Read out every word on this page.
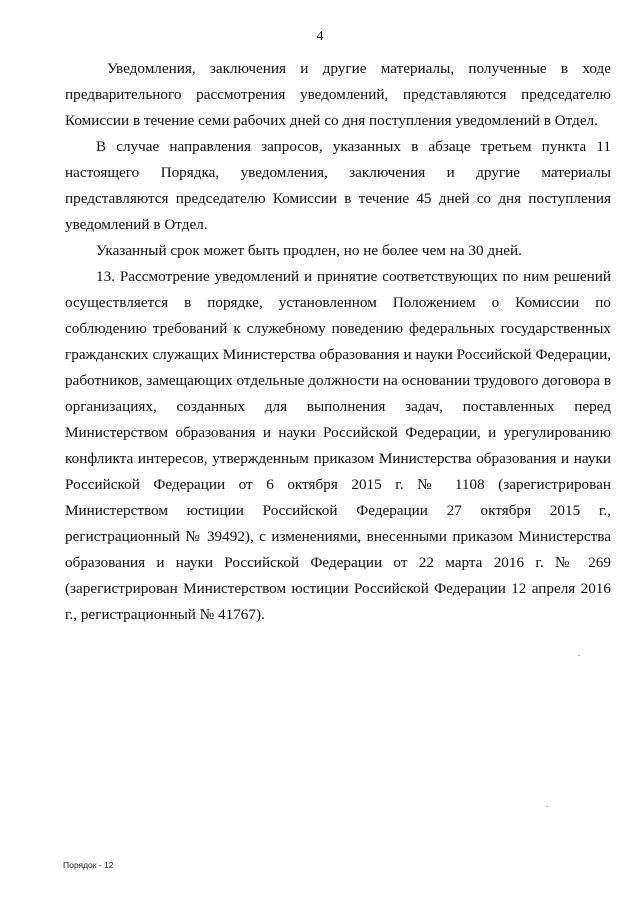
4

Уведомления, заключения и другие материалы, полученные в ходе предварительного рассмотрения уведомлений, представляются председателю Комиссии в течение семи рабочих дней со дня поступления уведомлений в Отдел.

В случае направления запросов, указанных в абзаце третьем пункта 11 настоящего Порядка, уведомления, заключения и другие материалы представляются председателю Комиссии в течение 45 дней со дня поступления уведомлений в Отдел.

Указанный срок может быть продлен, но не более чем на 30 дней.

13. Рассмотрение уведомлений и принятие соответствующих по ним решений осуществляется в порядке, установленном Положением о Комиссии по соблюдению требований к служебному поведению федеральных государственных гражданских служащих Министерства образования и науки Российской Федерации, работников, замещающих отдельные должности на основании трудового договора в организациях, созданных для выполнения задач, поставленных перед Министерством образования и науки Российской Федерации, и урегулированию конфликта интересов, утвержденным приказом Министерства образования и науки Российской Федерации от 6 октября 2015 г. № 1108 (зарегистрирован Министерством юстиции Российской Федерации 27 октября 2015 г., регистрационный № 39492), с изменениями, внесенными приказом Министерства образования и науки Российской Федерации от 22 марта 2016 г. № 269 (зарегистрирован Министерством юстиции Российской Федерации 12 апреля 2016 г., регистрационный № 41767).

Порядок - 12
